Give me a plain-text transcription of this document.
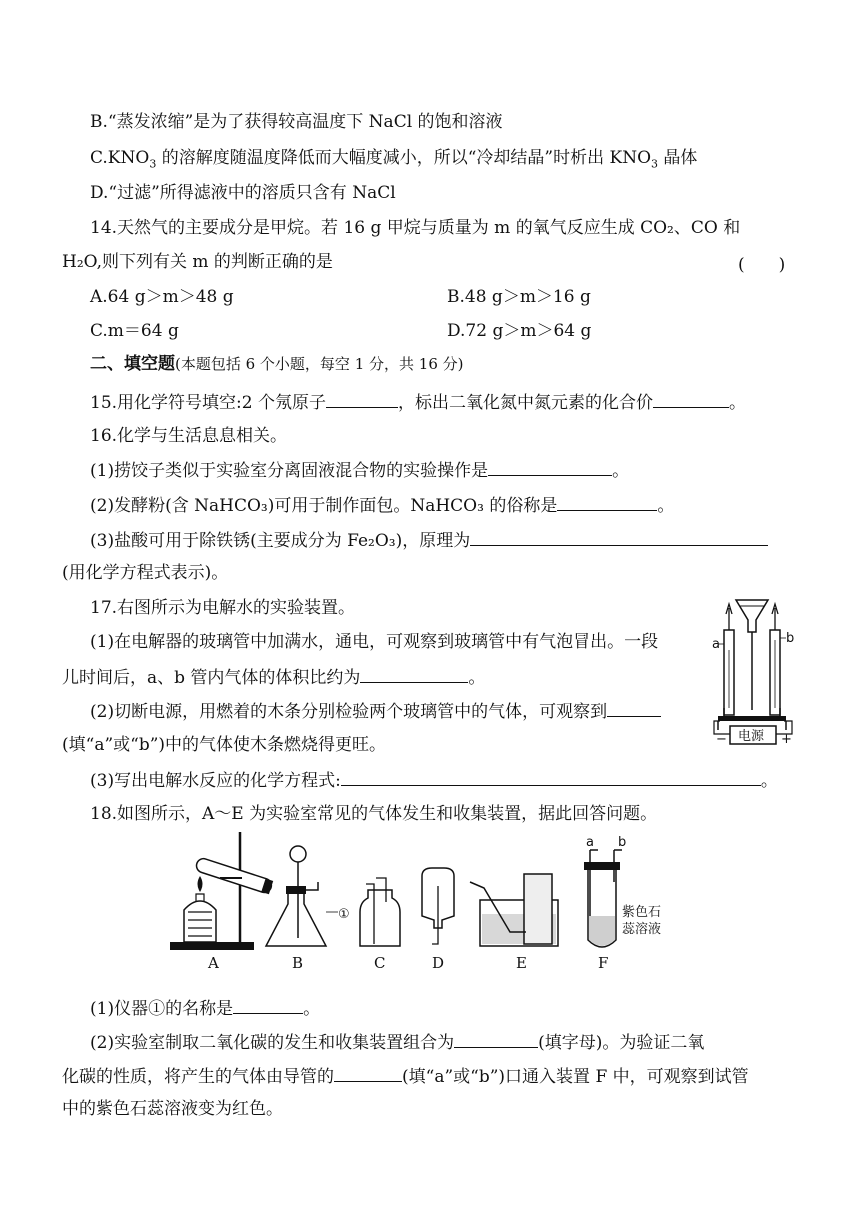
B.“蒸发浓缩”是为了获得较高温度下 NaCl 的饱和溶液
$C.KNO_3$ 的溶解度随温度降低而大幅度减小，所以“冷却结晶”时析出 $KNO_3$ 晶体
D.“过滤”所得滤液中的溶质只含有 NaCl
14.天然气的主要成分是甲烷。若 16 g 甲烷与质量为 m 的氧气反应生成 CO₂、CO 和
H₂O,则下列有关 m 的判断正确的是	(　　)
A.64 g＞m＞48 g	B.48 g＞m＞16 g
C.m＝64 g	D.72 g＞m＞64 g
二、填空题(本题包括 6 个小题，每空 1 分，共 16 分)
15.用化学符号填空:2 个氖原子	，标出二氧化氮中氮元素的化合价	。
16.化学与生活息息相关。
(1)捞饺子类似于实验室分离固液混合物的实验操作是	。
(2)发酵粉(含 NaHCO₃)可用于制作面包。NaHCO₃ 的俗称是	。
(3)盐酸可用于除铁锈(主要成分为 Fe₂O₃)，原理为
(用化学方程式表示)。
17.右图所示为电解水的实验装置。
(1)在电解器的玻璃管中加满水，通电，可观察到玻璃管中有气泡冒出。一段
儿时间后，a、b 管内气体的体积比约为	。
(2)切断电源，用燃着的木条分别检验两个玻璃管中的气体，可观察到
(填“a”或“b”)中的气体使木条燃烧得更旺。
(3)写出电解水反应的化学方程式:	。
电源
−	+
a	b
18.如图所示，A～E 为实验室常见的气体发生和收集装置，据此回答问题。
A
①
B	C	D	E
a b
紫色石
蕊溶液
F
(1)仪器①的名称是	。
(2)实验室制取二氧化碳的发生和收集装置组合为	(填字母)。为验证二氧
化碳的性质，将产生的气体由导管的	(填“a”或“b”)口通入装置 F 中，可观察到试管
中的紫色石蕊溶液变为红色。
